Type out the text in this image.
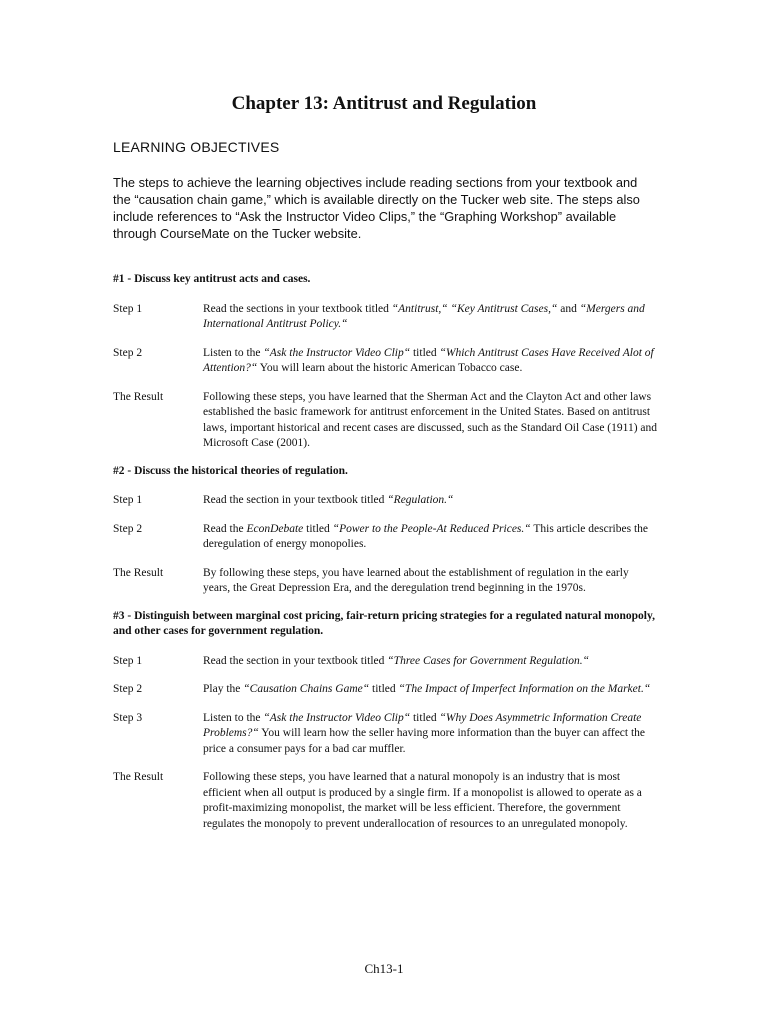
Chapter 13: Antitrust and Regulation
LEARNING OBJECTIVES

The steps to achieve the learning objectives include reading sections from your textbook and the “causation chain game,” which is available directly on the Tucker web site. The steps also include references to “Ask the Instructor Video Clips,” the “Graphing Workshop” available through CourseMate on the Tucker website.

#1 - Discuss key antitrust acts and cases.

Step 1	Read the sections in your textbook titled “Antitrust,“ “Key Antitrust Cases,“ and “Mergers and International Antitrust Policy.“
Step 2	Listen to the “Ask the Instructor Video Clip“ titled “Which Antitrust Cases Have Received Alot of Attention?“ You will learn about the historic American Tobacco case.
The Result	Following these steps, you have learned that the Sherman Act and the Clayton Act and other laws established the basic framework for antitrust enforcement in the United States. Based on antitrust laws, important historical and recent cases are discussed, such as the Standard Oil Case (1911) and Microsoft Case (2001).

#2 - Discuss the historical theories of regulation.

Step 1	Read the section in your textbook titled “Regulation.“
Step 2	Read the EconDebate titled “Power to the People-At Reduced Prices.“ This article describes the deregulation of energy monopolies.
The Result	By following these steps, you have learned about the establishment of regulation in the early years, the Great Depression Era, and the deregulation trend beginning in the 1970s.

#3 - Distinguish between marginal cost pricing, fair-return pricing strategies for a regulated natural monopoly, and other cases for government regulation.

Step 1	Read the section in your textbook titled “Three Cases for Government Regulation.“
Step 2	Play the “Causation Chains Game“ titled “The Impact of Imperfect Information on the Market.“
Step 3	Listen to the “Ask the Instructor Video Clip“ titled “Why Does Asymmetric Information Create Problems?“ You will learn how the seller having more information than the buyer can affect the price a consumer pays for a bad car muffler.
The Result	Following these steps, you have learned that a natural monopoly is an industry that is most efficient when all output is produced by a single firm. If a monopolist is allowed to operate as a profit-maximizing monopolist, the market will be less efficient. Therefore, the government regulates the monopoly to prevent underallocation of resources to an unregulated monopoly.
Ch13-1
